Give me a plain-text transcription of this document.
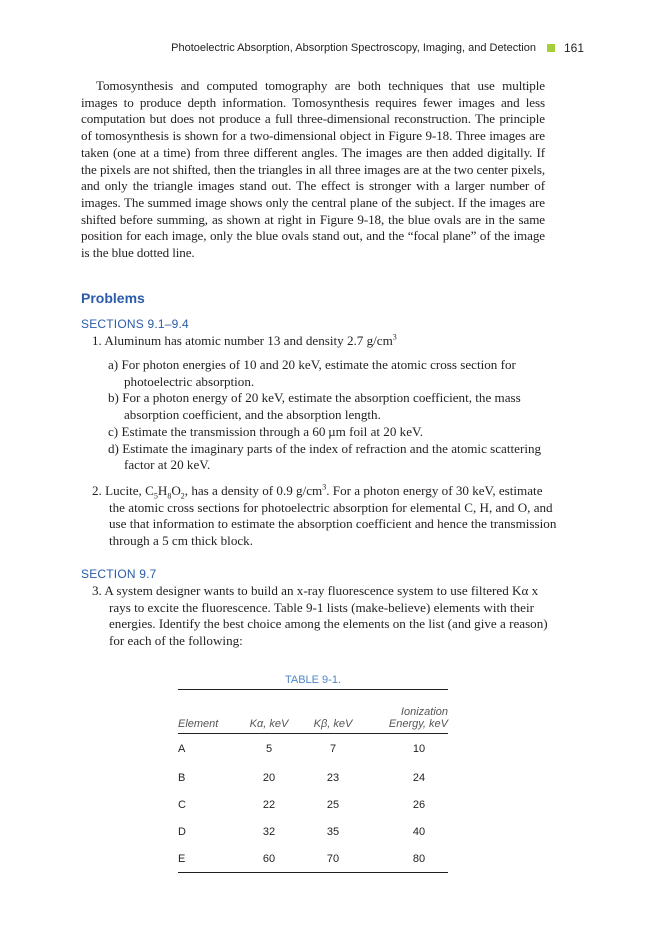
Photoelectric Absorption, Absorption Spectroscopy, Imaging, and Detection 161

Tomosynthesis and computed tomography are both techniques that use multiple images to produce depth information. Tomosynthesis requires fewer images and less computation but does not produce a full three-dimensional reconstruction. The principle of tomosynthesis is shown for a two-dimensional object in Figure 9-18. Three images are taken (one at a time) from three different angles. The images are then added digitally. If the pixels are not shifted, then the triangles in all three images are at the two center pixels, and only the triangle images stand out. The effect is stronger with a larger number of images. The summed image shows only the central plane of the subject. If the images are shifted before summing, as shown at right in Figure 9-18, the blue ovals are in the same position for each image, only the blue ovals stand out, and the “focal plane” of the image is the blue dotted line.

Problems

SECTIONS 9.1–9.4

1. Aluminum has atomic number 13 and density 2.7 $g/cm^3$

a) For photon energies of 10 and 20 keV, estimate the atomic cross section for photoelectric absorption.
b) For a photon energy of 20 keV, estimate the absorption coefficient, the mass absorption coefficient, and the absorption length.
c) Estimate the transmission through a 60 µm foil at 20 keV.
d) Estimate the imaginary parts of the index of refraction and the atomic scattering factor at 20 keV.

2. Lucite, $C_5H_8O_2$, has a density of 0.9 $g/cm^3$. For a photon energy of 30 keV, estimate the atomic cross sections for photoelectric absorption for elemental C, H, and O, and use that information to estimate the absorption coefficient and hence the transmission through a 5 cm thick block.

SECTION 9.7

3. A system designer wants to build an x-ray fluorescence system to use filtered Kα x rays to excite the fluorescence. Table 9-1 lists (make-believe) elements with their energies. Identify the best choice among the elements on the list (and give a reason) for each of the following:

TABLE 9-1.
Element	Kα, keV	Kβ, keV	Ionization
Energy, keV
A	5	7	10
B	20	23	24
C	22	25	26
D	32	35	40
E	60	70	80
